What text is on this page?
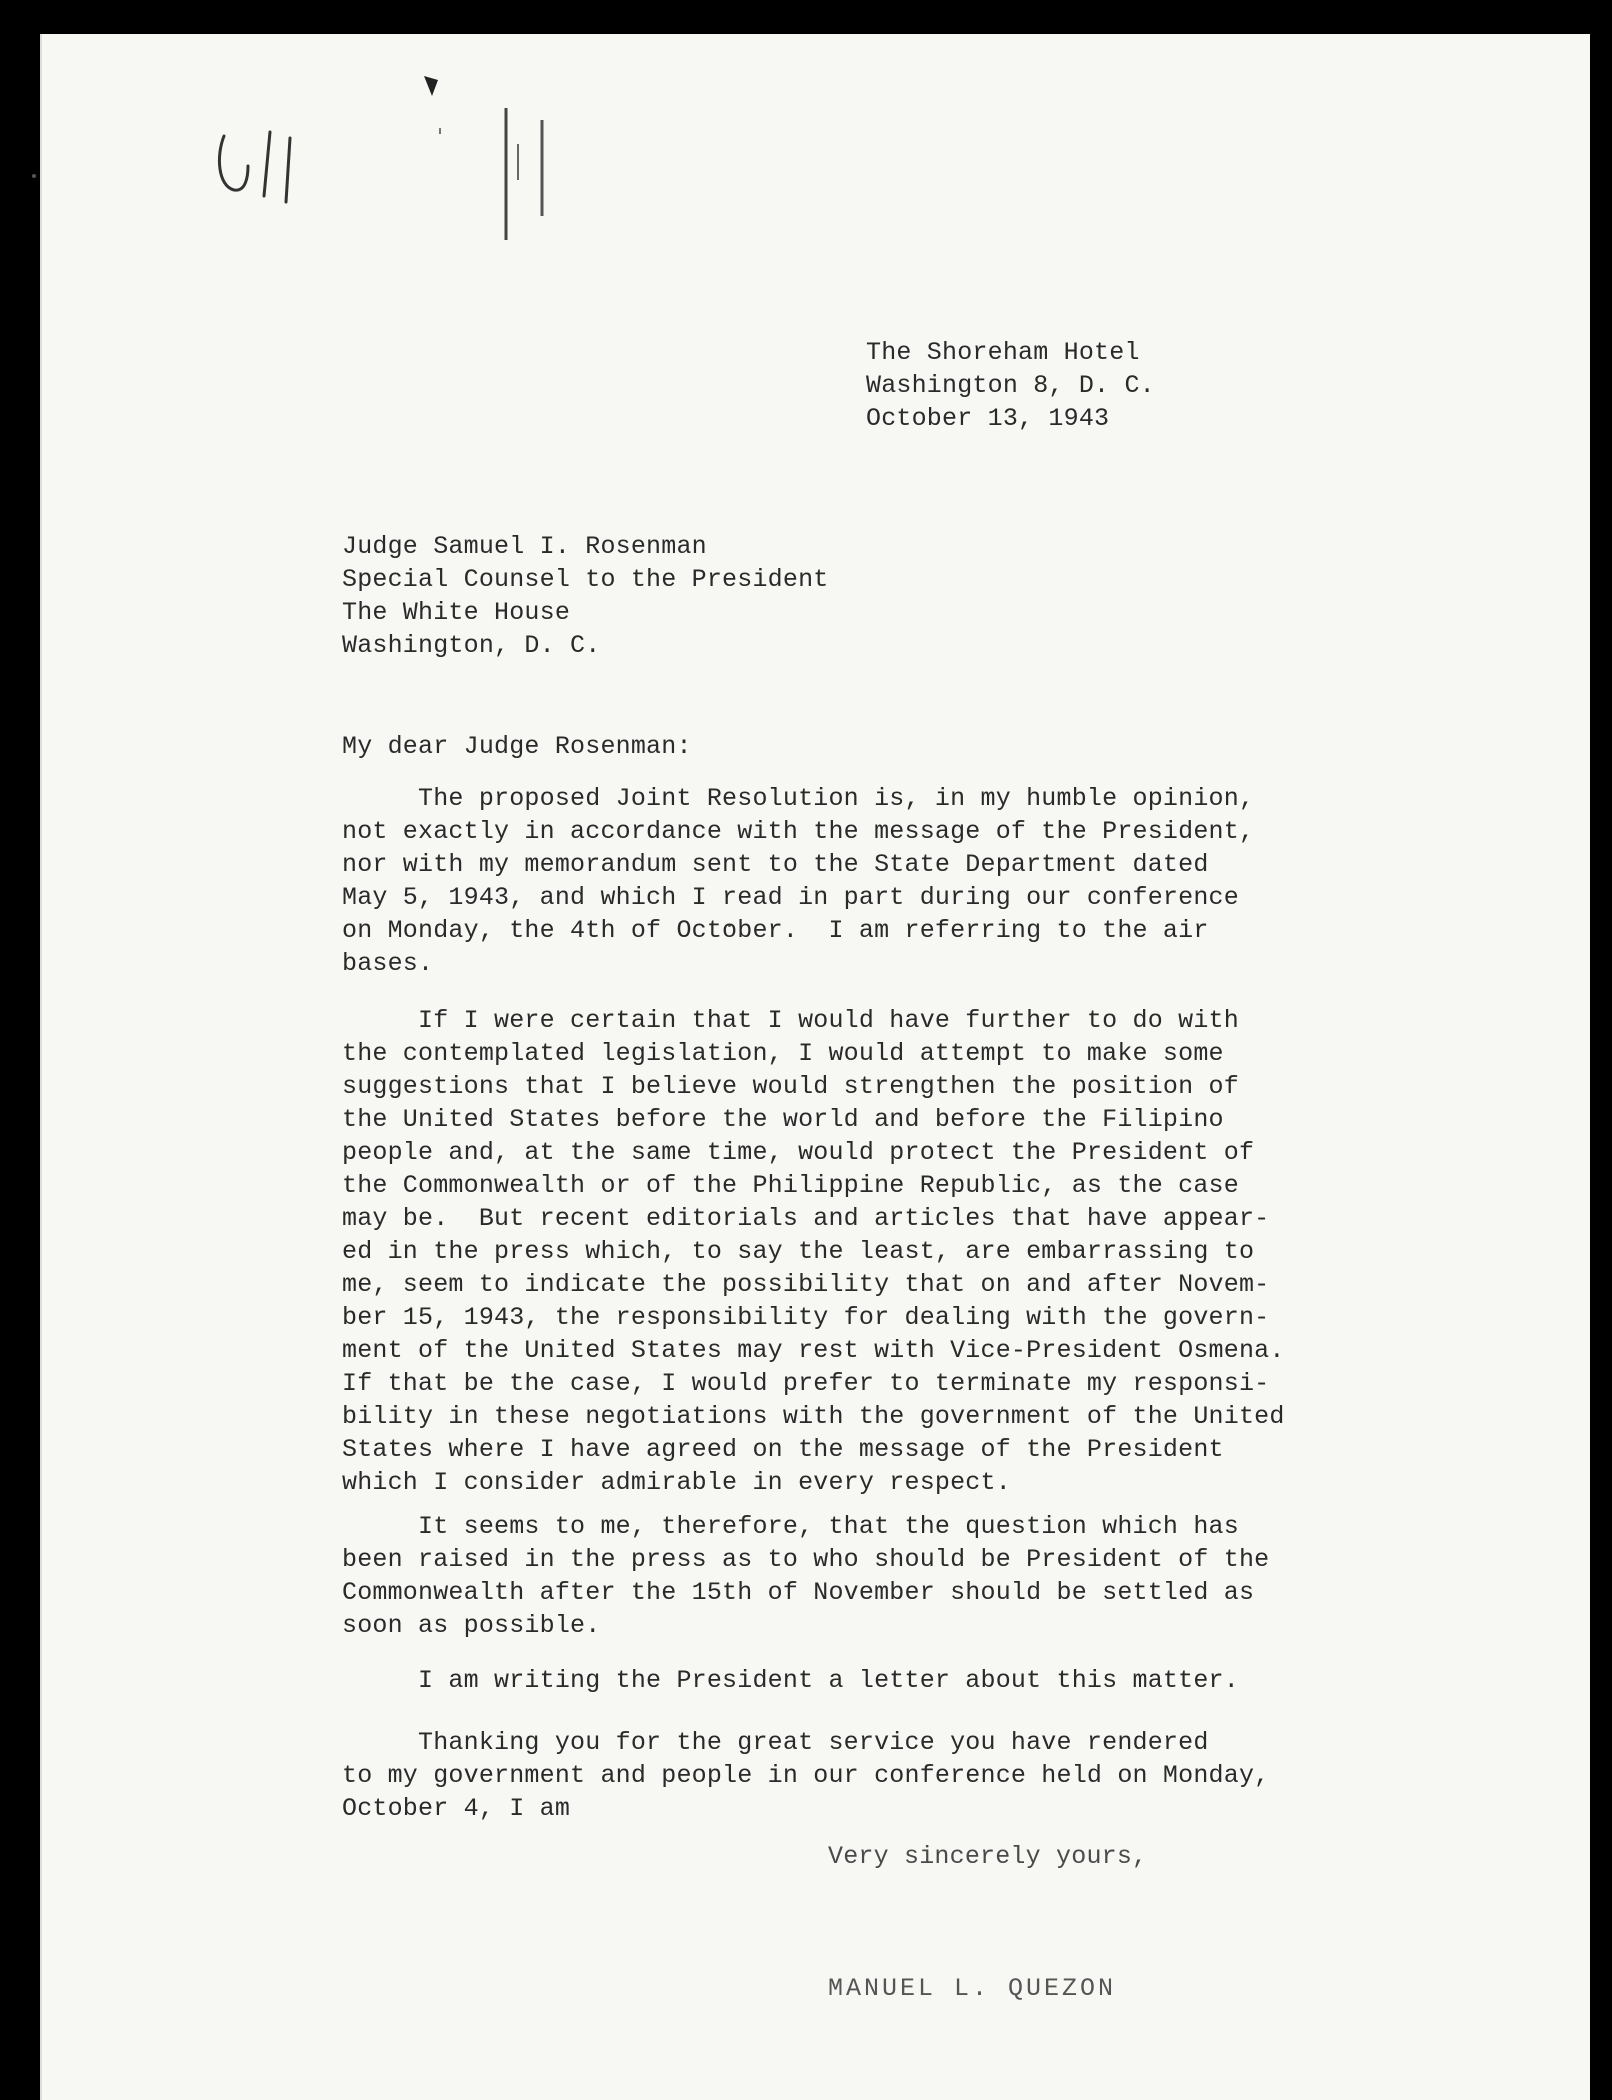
The Shoreham Hotel
Washington 8, D. C.
October 13, 1943
Judge Samuel I. Rosenman
Special Counsel to the President
The White House
Washington, D. C.
My dear Judge Rosenman:
The proposed Joint Resolution is, in my humble opinion,
not exactly in accordance with the message of the President,
nor with my memorandum sent to the State Department dated
May 5, 1943, and which I read in part during our conference
on Monday, the 4th of October.  I am referring to the air
bases.
If I were certain that I would have further to do with
the contemplated legislation, I would attempt to make some
suggestions that I believe would strengthen the position of
the United States before the world and before the Filipino
people and, at the same time, would protect the President of
the Commonwealth or of the Philippine Republic, as the case
may be.  But recent editorials and articles that have appear-
ed in the press which, to say the least, are embarrassing to
me, seem to indicate the possibility that on and after Novem-
ber 15, 1943, the responsibility for dealing with the govern-
ment of the United States may rest with Vice-President Osmena.
If that be the case, I would prefer to terminate my responsi-
bility in these negotiations with the government of the United
States where I have agreed on the message of the President
which I consider admirable in every respect.
It seems to me, therefore, that the question which has
been raised in the press as to who should be President of the
Commonwealth after the 15th of November should be settled as
soon as possible.
I am writing the President a letter about this matter.
Thanking you for the great service you have rendered
to my government and people in our conference held on Monday,
October 4, I am
Very sincerely yours,
MANUEL L. QUEZON
